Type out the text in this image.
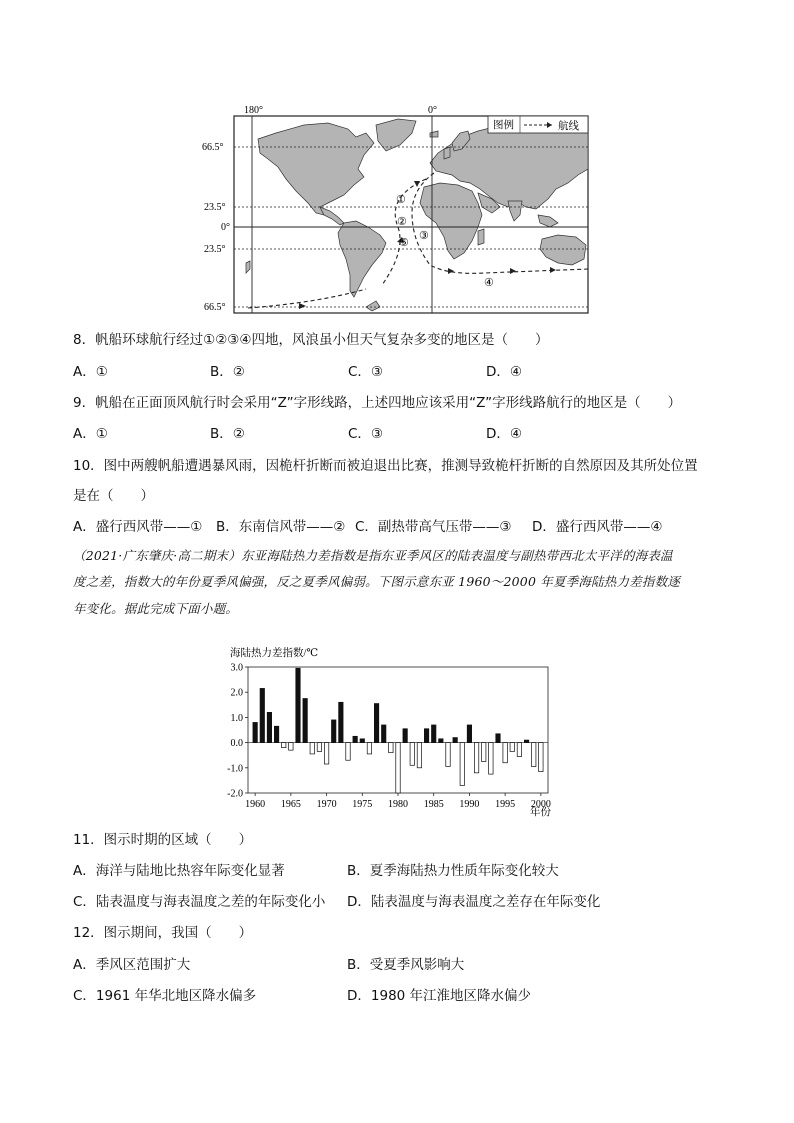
180°	0°
66.5°
23.5°
0°
23.5°
66.5°
图例	航线
①
②
③
④
⑤
8．帆船环球航行经过①②③④四地，风浪虽小但天气复杂多变的地区是（　　）
A．①	B．②	C．③	D．④
9．帆船在正面顶风航行时会采用“Z”字形线路，上述四地应该采用“Z”字形线路航行的地区是（　　）
A．①	B．②	C．③	D．④
10．图中两艘帆船遭遇暴风雨，因桅杆折断而被迫退出比赛，推测导致桅杆折断的自然原因及其所处位置
是在（　　）
A．盛行西风带——① B．东南信风带——② C．副热带高气压带——③ D．盛行西风带——④
（2021·广东肇庆·高二期末）东亚海陆热力差指数是指东亚季风区的陆表温度与副热带西北太平洋的海表温
度之差，指数大的年份夏季风偏强，反之夏季风偏弱。下图示意东亚 1960～2000 年夏季海陆热力差指数逐
年变化。据此完成下面小题。
海陆热力差指数/℃
年份
3.0
2.0
1.0
0.0
-1.0
-2.0
1960 1965 1970 1975 1980 1985 1990 1995 2000
11．图示时期的区域（　　）
A．海洋与陆地比热容年际变化显著	B．夏季海陆热力性质年际变化较大
C．陆表温度与海表温度之差的年际变化小 D．陆表温度与海表温度之差存在年际变化
12．图示期间，我国（　　）
A．季风区范围扩大	B．受夏季风影响大
C．1961 年华北地区降水偏多	D．1980 年江淮地区降水偏少
